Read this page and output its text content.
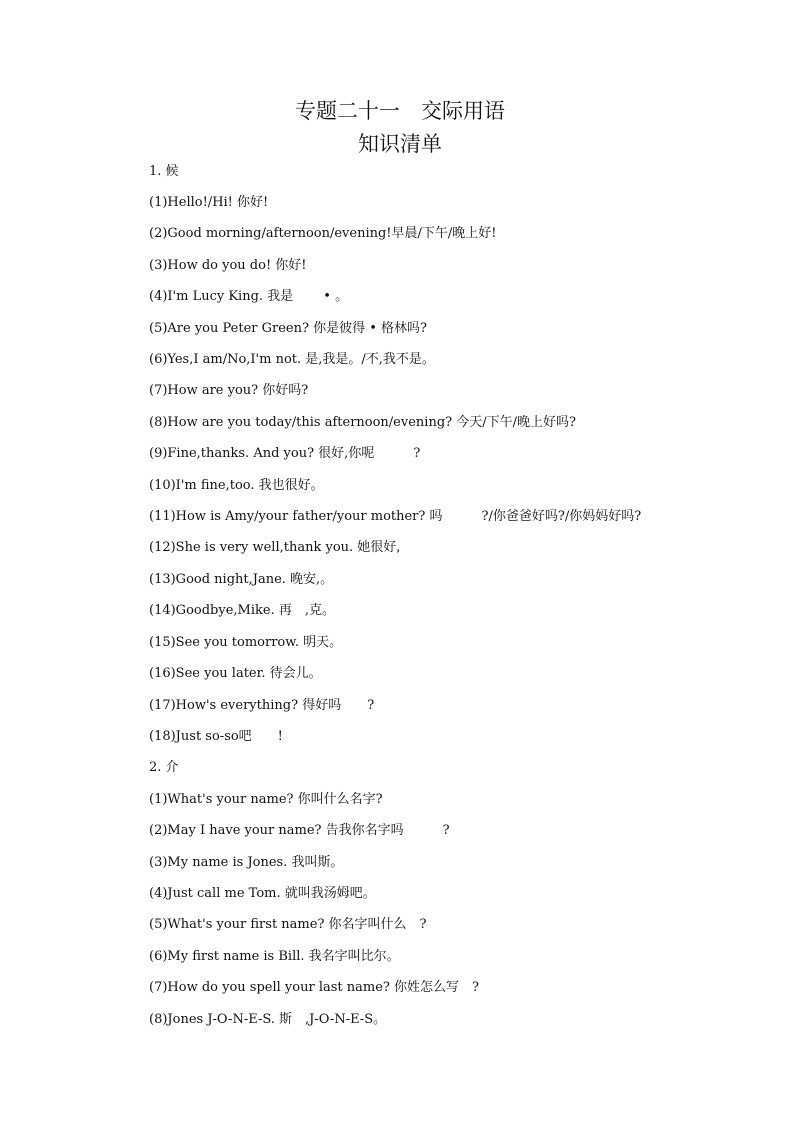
专题二十一　交际用语
知识清单
1. 候
(1)Hello!/Hi! 你好!
(2)Good morning/afternoon/evening!早晨/下午/晚上好!
(3)How do you do! 你好!
(4)I'm Lucy King. 我是　　 • 。
(5)Are you Peter Green? 你是彼得 • 格林吗?
(6)Yes,I am/No,I'm not. 是,我是。/不,我不是。
(7)How are you? 你好吗?
(8)How are you today/this afternoon/evening? 今天/下午/晚上好吗?
(9)Fine,thanks. And you? 很好,你呢　　　?
(10)I'm fine,too. 我也很好。
(11)How is Amy/your father/your mother? 吗　　　?/你爸爸好吗?/你妈妈好吗?
(12)She is very well,thank you. 她很好,
(13)Good night,Jane. 晚安,。
(14)Goodbye,Mike. 再　,克。
(15)See you tomorrow. 明天。
(16)See you later. 待会儿。
(17)How's everything? 得好吗　　?
(18)Just so-so吧　　!
2. 介
(1)What's your name? 你叫什么名字?
(2)May I have your name? 告我你名字吗　　　?
(3)My name is Jones. 我叫斯。
(4)Just call me Tom. 就叫我汤姆吧。
(5)What's your first name? 你名字叫什么　?
(6)My first name is Bill. 我名字叫比尔。
(7)How do you spell your last name? 你姓怎么写　?
(8)Jones J-O-N-E-S. 斯　,J-O-N-E-S。
